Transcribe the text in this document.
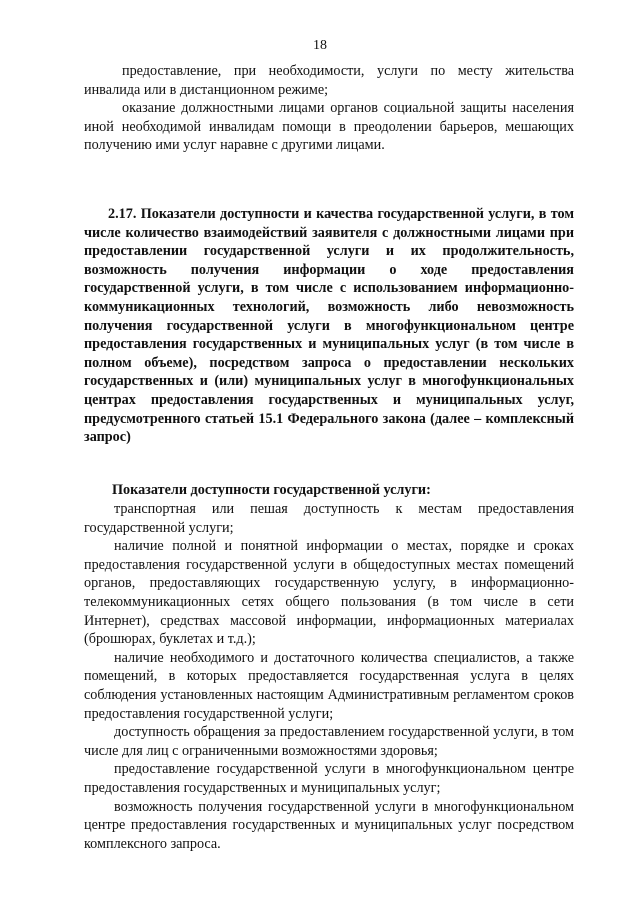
18

предоставление, при необходимости, услуги по месту жительства инвалида или в дистанционном режиме;

оказание должностными лицами органов социальной защиты населения иной необходимой инвалидам помощи в преодолении барьеров, мешающих получению ими услуг наравне с другими лицами.

2.17. Показатели доступности и качества государственной услуги, в том числе количество взаимодействий заявителя с должностными лицами при предоставлении государственной услуги и их продолжительность, возможность получения информации о ходе предоставления государственной услуги, в том числе с использованием информационно-коммуникационных технологий, возможность либо невозможность получения государственной услуги в многофункциональном центре предоставления государственных и муниципальных услуг (в том числе в полном объеме), посредством запроса о предоставлении нескольких государственных и (или) муниципальных услуг в многофункциональных центрах предоставления государственных и муниципальных услуг, предусмотренного статьей 15.1 Федерального закона (далее – комплексный запрос)

Показатели доступности государственной услуги:

транспортная или пешая доступность к местам предоставления государственной услуги;

наличие полной и понятной информации о местах, порядке и сроках предоставления государственной услуги в общедоступных местах помещений органов, предоставляющих государственную услугу, в информационно-телекоммуникационных сетях общего пользования (в том числе в сети Интернет), средствах массовой информации, информационных материалах (брошюрах, буклетах и т.д.);

наличие необходимого и достаточного количества специалистов, а также помещений, в которых предоставляется государственная услуга в целях соблюдения установленных настоящим Административным регламентом сроков предоставления государственной услуги;

доступность обращения за предоставлением государственной услуги, в том числе для лиц с ограниченными возможностями здоровья;

предоставление государственной услуги в многофункциональном центре предоставления государственных и муниципальных услуг;

возможность получения государственной услуги в многофункциональном центре предоставления государственных и муниципальных услуг посредством комплексного запроса.
